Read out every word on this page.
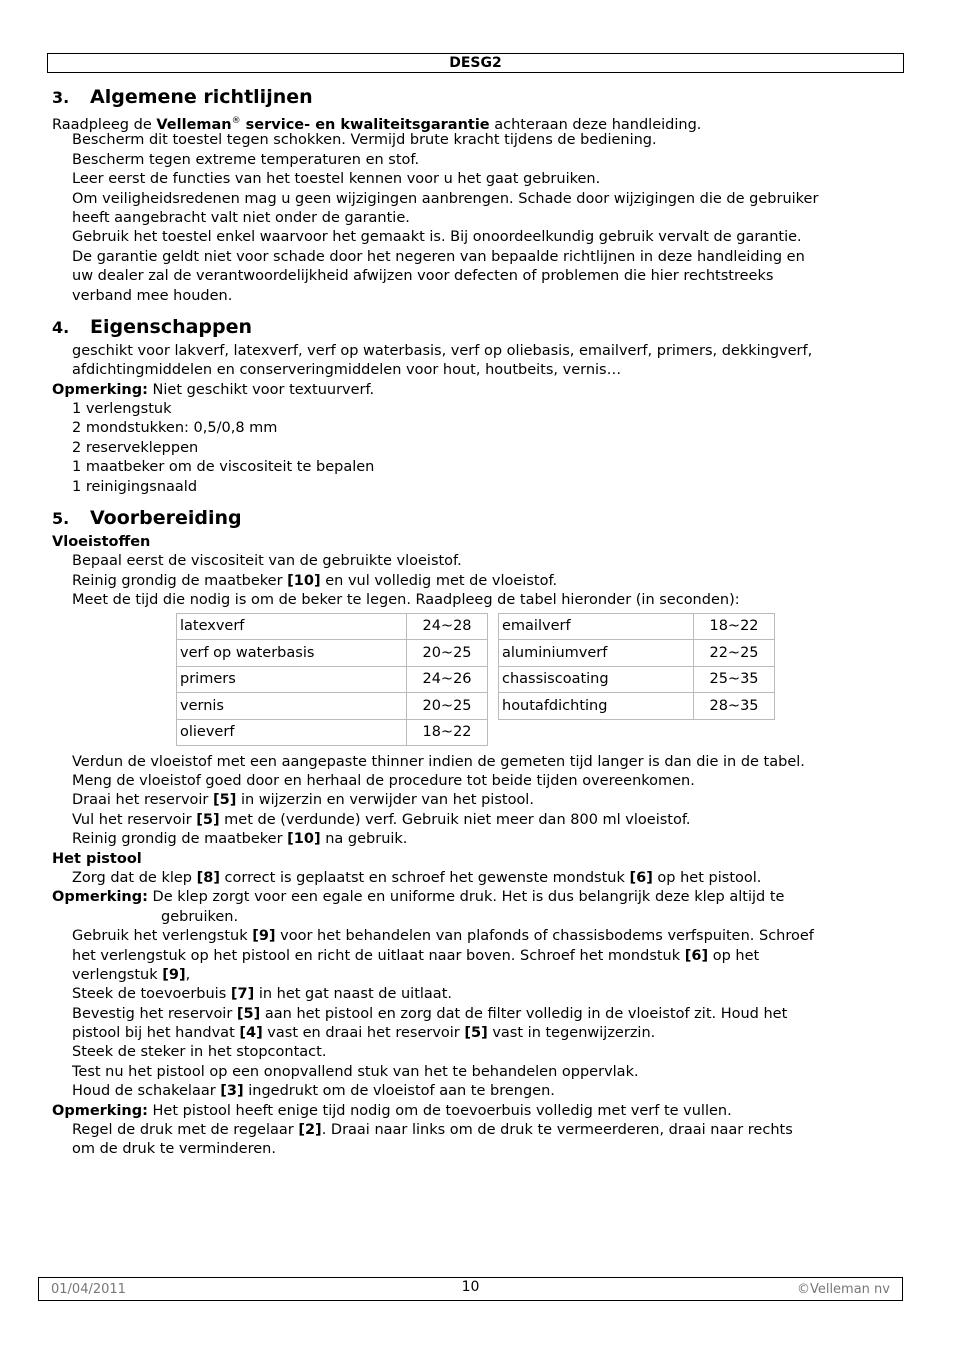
DESG2
3. Algemene richtlijnen
Raadpleeg de Velleman® service- en kwaliteitsgarantie achteraan deze handleiding.
Bescherm dit toestel tegen schokken. Vermijd brute kracht tijdens de bediening.
Bescherm tegen extreme temperaturen en stof.
Leer eerst de functies van het toestel kennen voor u het gaat gebruiken.
Om veiligheidsredenen mag u geen wijzigingen aanbrengen. Schade door wijzigingen die de gebruiker
heeft aangebracht valt niet onder de garantie.
Gebruik het toestel enkel waarvoor het gemaakt is. Bij onoordeelkundig gebruik vervalt de garantie.
De garantie geldt niet voor schade door het negeren van bepaalde richtlijnen in deze handleiding en
uw dealer zal de verantwoordelijkheid afwijzen voor defecten of problemen die hier rechtstreeks
verband mee houden.
4. Eigenschappen
geschikt voor lakverf, latexverf, verf op waterbasis, verf op oliebasis, emailverf, primers, dekkingverf,
afdichtingmiddelen en conserveringmiddelen voor hout, houtbeits, vernis…
Opmerking: Niet geschikt voor textuurverf.
1 verlengstuk
2 mondstukken: 0,5/0,8 mm
2 reservekleppen
1 maatbeker om de viscositeit te bepalen
1 reinigingsnaald
5. Voorbereiding
Vloeistoffen
Bepaal eerst de viscositeit van de gebruikte vloeistof.
Reinig grondig de maatbeker [10] en vul volledig met de vloeistof.
Meet de tijd die nodig is om de beker te legen. Raadpleeg de tabel hieronder (in seconden):
latexverf	24~28
verf op waterbasis	20~25
primers	24~26
vernis	20~25
olieverf	18~22
emailverf	18~22
aluminiumverf	22~25
chassiscoating	25~35
houtafdichting	28~35
Verdun de vloeistof met een aangepaste thinner indien de gemeten tijd langer is dan die in de tabel.
Meng de vloeistof goed door en herhaal de procedure tot beide tijden overeenkomen.
Draai het reservoir [5] in wijzerzin en verwijder van het pistool.
Vul het reservoir [5] met de (verdunde) verf. Gebruik niet meer dan 800 ml vloeistof.
Reinig grondig de maatbeker [10] na gebruik.
Het pistool
Zorg dat de klep [8] correct is geplaatst en schroef het gewenste mondstuk [6] op het pistool.
Opmerking: De klep zorgt voor een egale en uniforme druk. Het is dus belangrijk deze klep altijd te
gebruiken.
Gebruik het verlengstuk [9] voor het behandelen van plafonds of chassisbodems verfspuiten. Schroef
het verlengstuk op het pistool en richt de uitlaat naar boven. Schroef het mondstuk [6] op het
verlengstuk [9],
Steek de toevoerbuis [7] in het gat naast de uitlaat.
Bevestig het reservoir [5] aan het pistool en zorg dat de filter volledig in de vloeistof zit. Houd het
pistool bij het handvat [4] vast en draai het reservoir [5] vast in tegenwijzerzin.
Steek de steker in het stopcontact.
Test nu het pistool op een onopvallend stuk van het te behandelen oppervlak.
Houd de schakelaar [3] ingedrukt om de vloeistof aan te brengen.
Opmerking: Het pistool heeft enige tijd nodig om de toevoerbuis volledig met verf te vullen.
Regel de druk met de regelaar [2]. Draai naar links om de druk te vermeerderen, draai naar rechts
om de druk te verminderen.
01/04/2011	10	©Velleman nv
